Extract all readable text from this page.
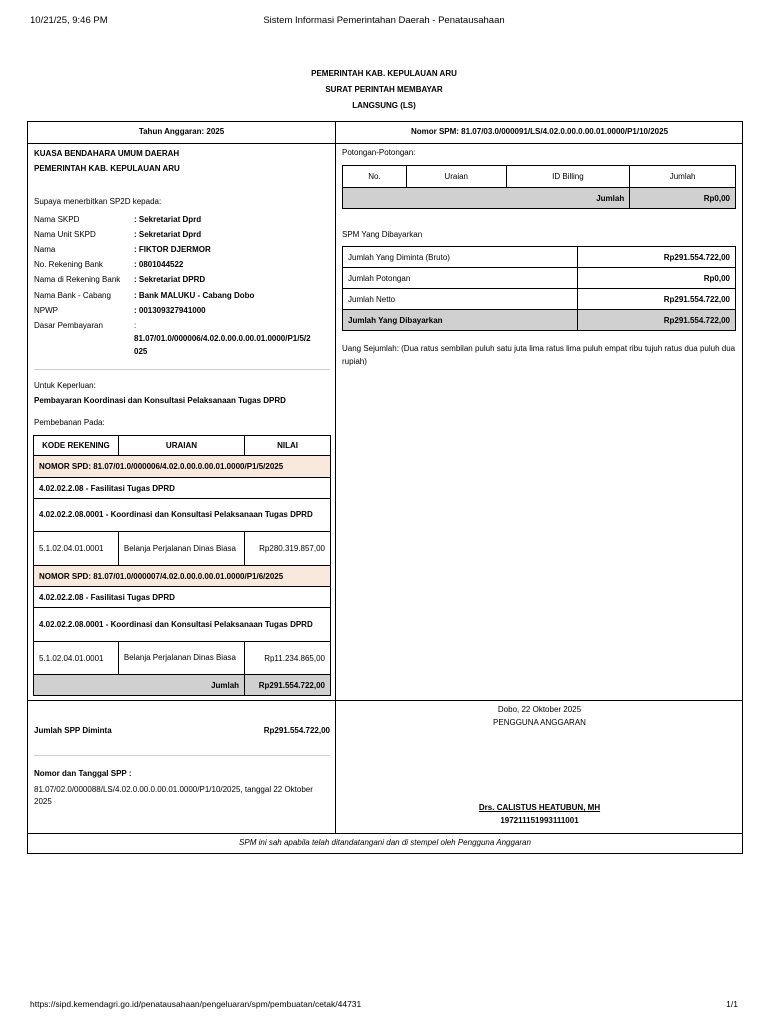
10/21/25, 9:46 PM	Sistem Informasi Pemerintahan Daerah - Penatausahaan
PEMERINTAH KAB. KEPULAUAN ARU
SURAT PERINTAH MEMBAYAR
LANGSUNG (LS)
Tahun Anggaran: 2025	Nomor SPM: 81.07/03.0/000091/LS/4.02.0.00.0.00.01.0000/P1/10/2025
KUASA BENDAHARA UMUM DAERAH
PEMERINTAH KAB. KEPULAUAN ARU
Supaya menerbitkan SP2D kepada:
Nama SKPD	: Sekretariat Dprd
Nama Unit SKPD	: Sekretariat Dprd
Nama	: FIKTOR DJERMOR
No. Rekening Bank	: 0801044522
Nama di Rekening Bank	: Sekretariat DPRD
Nama Bank - Cabang	: Bank MALUKU - Cabang Dobo
NPWP	: 001309327941000
Dasar Pembayaran	:
81.07/01.0/000006/4.02.0.00.0.00.01.0000/P1/5/2
025
Untuk Keperluan:
Pembayaran Koordinasi dan Konsultasi Pelaksanaan Tugas DPRD
Pembebanan Pada:
KODE REKENING	URAIAN	NILAI
NOMOR SPD: 81.07/01.0/000006/4.02.0.00.0.00.01.0000/P1/5/2025		
4.02.02.2.08 - Fasilitasi Tugas DPRD		
4.02.02.2.08.0001 - Koordinasi dan Konsultasi Pelaksanaan Tugas DPRD		
5.1.02.04.01.0001	Belanja Perjalanan Dinas Biasa	Rp280.319.857,00
NOMOR SPD: 81.07/01.0/000007/4.02.0.00.0.00.01.0000/P1/6/2025		
4.02.02.2.08 - Fasilitasi Tugas DPRD		
4.02.02.2.08.0001 - Koordinasi dan Konsultasi Pelaksanaan Tugas DPRD		
5.1.02.04.01.0001	Belanja Perjalanan Dinas Biasa	Rp11.234.865,00
Jumlah		Rp291.554.722,00
Potongan-Potongan:
No.	Uraian	ID Billing	Jumlah
Jumlah			Rp0,00
SPM Yang Dibayarkan
Jumlah Yang Diminta (Bruto)	Rp291.554.722,00
Jumlah Potongan	Rp0,00
Jumlah Netto	Rp291.554.722,00
Jumlah Yang Dibayarkan	Rp291.554.722,00
Uang Sejumlah: (Dua ratus sembilan puluh satu juta lima ratus lima puluh empat ribu tujuh ratus dua puluh dua rupiah)
Jumlah SPP Diminta	Rp291.554.722,00
Nomor dan Tanggal SPP :
81.07/02.0/000088/LS/4.02.0.00.0.00.01.0000/P1/10/2025, tanggal 22 Oktober 2025
Dobo, 22 Oktober 2025
PENGGUNA ANGGARAN
Drs. CALISTUS HEATUBUN, MH
197211151993111001
SPM ini sah apabila telah ditandatangani dan di stempel oleh Pengguna Anggaran
https://sipd.kemendagri.go.id/penatausahaan/pengeluaran/spm/pembuatan/cetak/44731	1/1
